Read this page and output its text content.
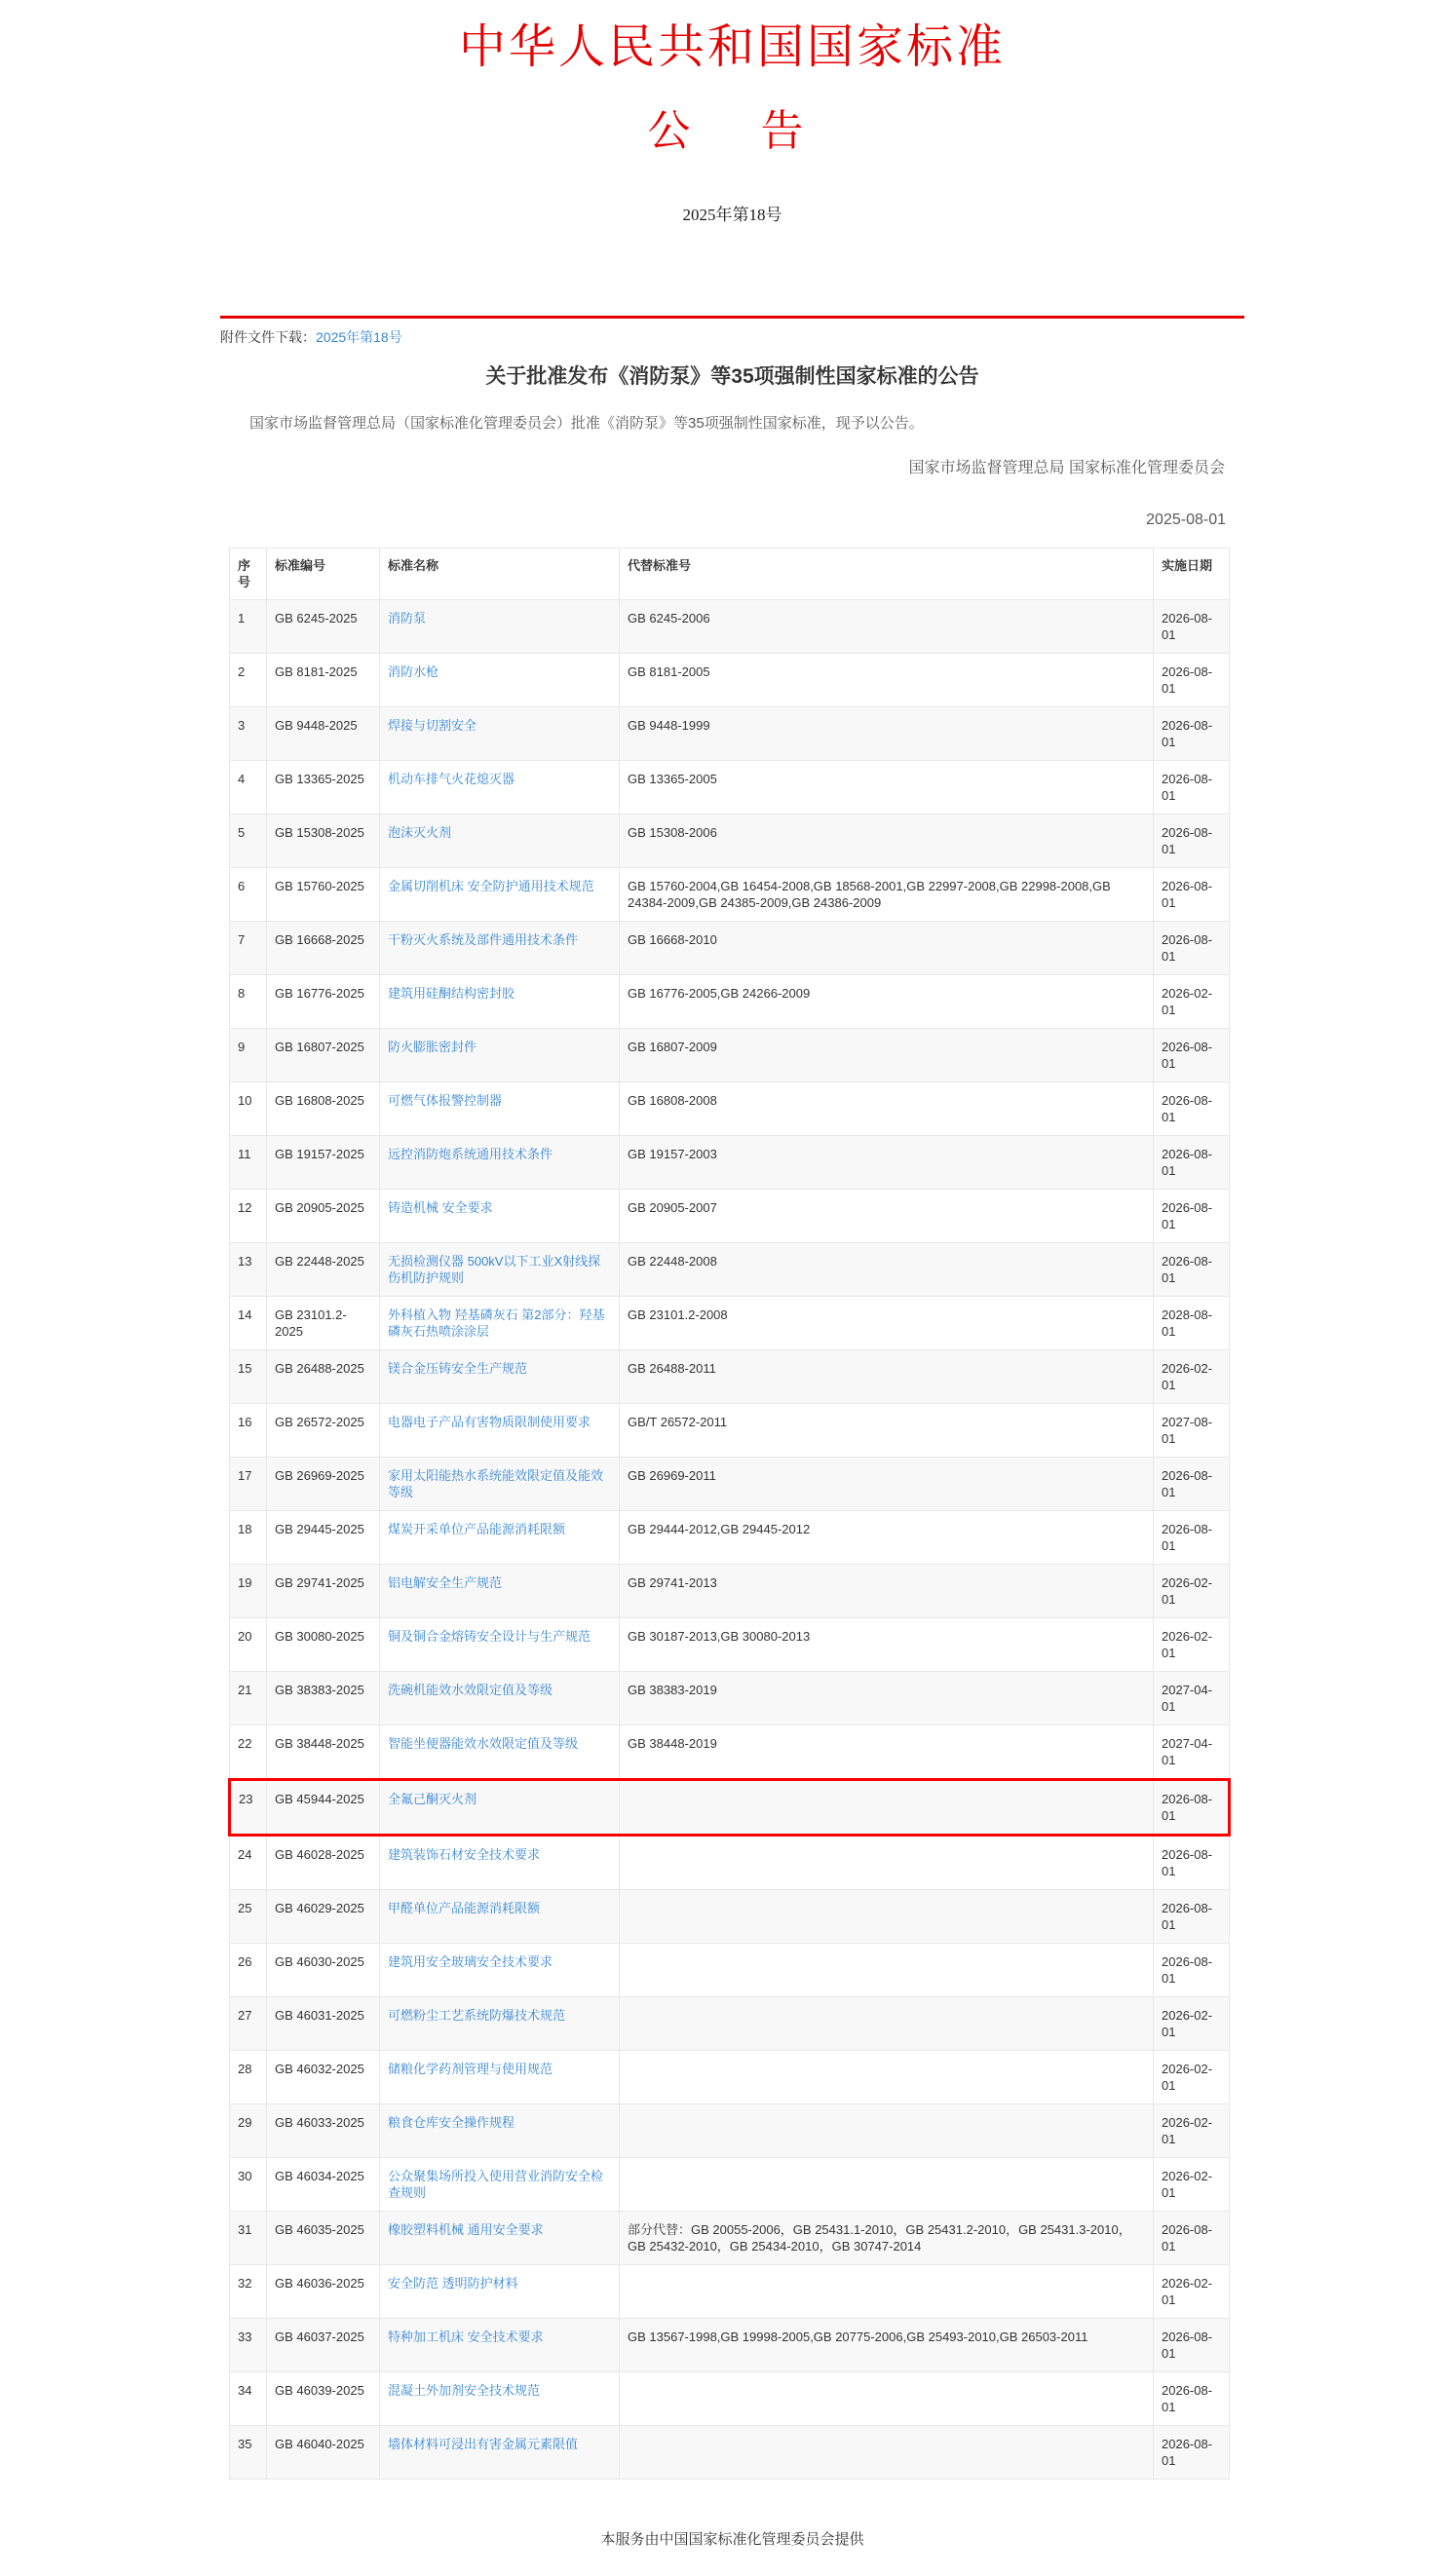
中华人民共和国国家标准
公　告
2025年第18号
附件文件下载：2025年第18号
关于批准发布《消防泵》等35项强制性国家标准的公告

国家市场监督管理总局（国家标准化管理委员会）批准《消防泵》等35项强制性国家标准，现予以公告。

国家市场监督管理总局 国家标准化管理委员会
2025-08-01
序号	标准编号	标准名称	代替标准号	实施日期
1	GB 6245-2025	消防泵	GB 6245-2006	2026-08-01
2	GB 8181-2025	消防水枪	GB 8181-2005	2026-08-01
3	GB 9448-2025	焊接与切割安全	GB 9448-1999	2026-08-01
4	GB 13365-2025	机动车排气火花熄灭器	GB 13365-2005	2026-08-01
5	GB 15308-2025	泡沫灭火剂	GB 15308-2006	2026-08-01
6	GB 15760-2025	金属切削机床 安全防护通用技术规范	GB 15760-2004,GB 16454-2008,GB 18568-2001,GB 22997-2008,GB 22998-2008,GB 24384-2009,GB 24385-2009,GB 24386-2009	2026-08-01
7	GB 16668-2025	干粉灭火系统及部件通用技术条件	GB 16668-2010	2026-08-01
8	GB 16776-2025	建筑用硅酮结构密封胶	GB 16776-2005,GB 24266-2009	2026-02-01
9	GB 16807-2025	防火膨胀密封件	GB 16807-2009	2026-08-01
10	GB 16808-2025	可燃气体报警控制器	GB 16808-2008	2026-08-01
11	GB 19157-2025	远控消防炮系统通用技术条件	GB 19157-2003	2026-08-01
12	GB 20905-2025	铸造机械 安全要求	GB 20905-2007	2026-08-01
13	GB 22448-2025	无损检测仪器 500kV以下工业X射线探伤机防护规则	GB 22448-2008	2026-08-01
14	GB 23101.2-2025	外科植入物 羟基磷灰石 第2部分：羟基磷灰石热喷涂涂层	GB 23101.2-2008	2028-08-01
15	GB 26488-2025	镁合金压铸安全生产规范	GB 26488-2011	2026-02-01
16	GB 26572-2025	电器电子产品有害物质限制使用要求	GB/T 26572-2011	2027-08-01
17	GB 26969-2025	家用太阳能热水系统能效限定值及能效等级	GB 26969-2011	2026-08-01
18	GB 29445-2025	煤炭开采单位产品能源消耗限额	GB 29444-2012,GB 29445-2012	2026-08-01
19	GB 29741-2025	铝电解安全生产规范	GB 29741-2013	2026-02-01
20	GB 30080-2025	铜及铜合金熔铸安全设计与生产规范	GB 30187-2013,GB 30080-2013	2026-02-01
21	GB 38383-2025	洗碗机能效水效限定值及等级	GB 38383-2019	2027-04-01
22	GB 38448-2025	智能坐便器能效水效限定值及等级	GB 38448-2019	2027-04-01
23	GB 45944-2025	全氟己酮灭火剂		2026-08-01
24	GB 46028-2025	建筑装饰石材安全技术要求		2026-08-01
25	GB 46029-2025	甲醛单位产品能源消耗限额		2026-08-01
26	GB 46030-2025	建筑用安全玻璃安全技术要求		2026-08-01
27	GB 46031-2025	可燃粉尘工艺系统防爆技术规范		2026-02-01
28	GB 46032-2025	储粮化学药剂管理与使用规范		2026-02-01
29	GB 46033-2025	粮食仓库安全操作规程		2026-02-01
30	GB 46034-2025	公众聚集场所投入使用营业消防安全检查规则		2026-02-01
31	GB 46035-2025	橡胶塑料机械 通用安全要求	部分代替：GB 20055-2006，GB 25431.1-2010，GB 25431.2-2010，GB 25431.3-2010，GB 25432-2010，GB 25434-2010，GB 30747-2014	2026-08-01
32	GB 46036-2025	安全防范 透明防护材料		2026-02-01
33	GB 46037-2025	特种加工机床 安全技术要求	GB 13567-1998,GB 19998-2005,GB 20775-2006,GB 25493-2010,GB 26503-2011	2026-08-01
34	GB 46039-2025	混凝土外加剂安全技术规范		2026-08-01
35	GB 46040-2025	墙体材料可浸出有害金属元素限值		2026-08-01
本服务由中国国家标准化管理委员会提供
